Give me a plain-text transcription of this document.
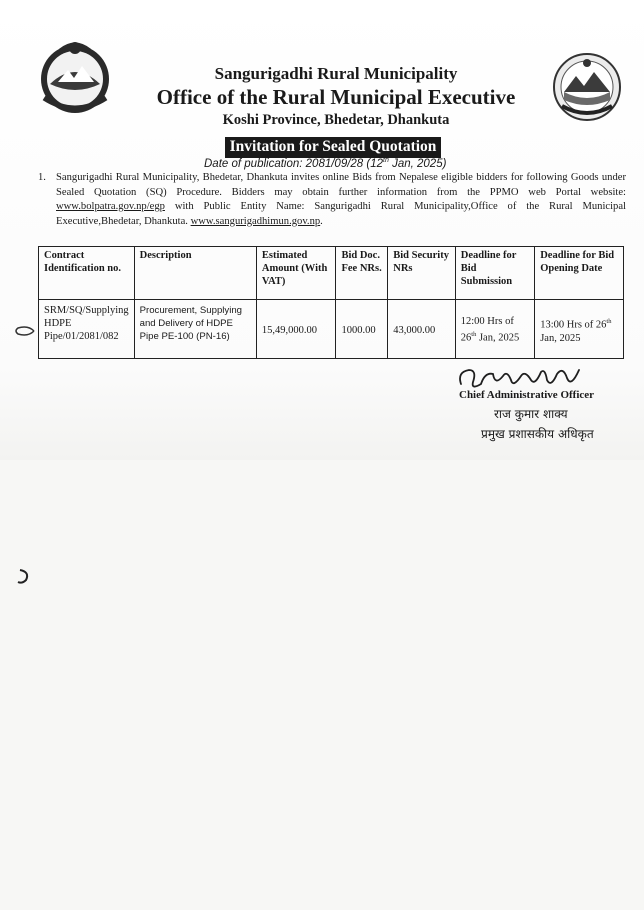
Sangurigadhi Rural Municipality
Office of the Rural Municipal Executive
Koshi Province, Bhedetar, Dhankuta
Invitation for Sealed Quotation
Date of publication: 2081/09/28 (12th Jan, 2025)
1. Sangurigadhi Rural Municipality, Bhedetar, Dhankuta invites online Bids from Nepalese eligible bidders for following Goods under Sealed Quotation (SQ) Procedure. Bidders may obtain further information from the PPMO web Portal website: www.bolpatra.gov.np/egp with Public Entity Name: Sangurigadhi Rural Municipality,Office of the Rural Municipal Executive,Bhedetar, Dhankuta. www.sangurigadhimun.gov.np.
Contract Identification no.	Description	Estimated Amount (With VAT)	Bid Doc. Fee NRs.	Bid Security NRs	Deadline for Bid Submission	Deadline for Bid Opening Date
SRM/SQ/Supplying HDPE Pipe/01/2081/082	Procurement, Supplying and Delivery of HDPE Pipe PE-100 (PN-16)	15,49,000.00	1000.00	43,000.00	12:00 Hrs of 26th Jan, 2025	13:00 Hrs of 26th Jan, 2025
Chief Administrative Officer
राज कुमार शाक्य
प्रमुख प्रशासकीय अधिकृत
